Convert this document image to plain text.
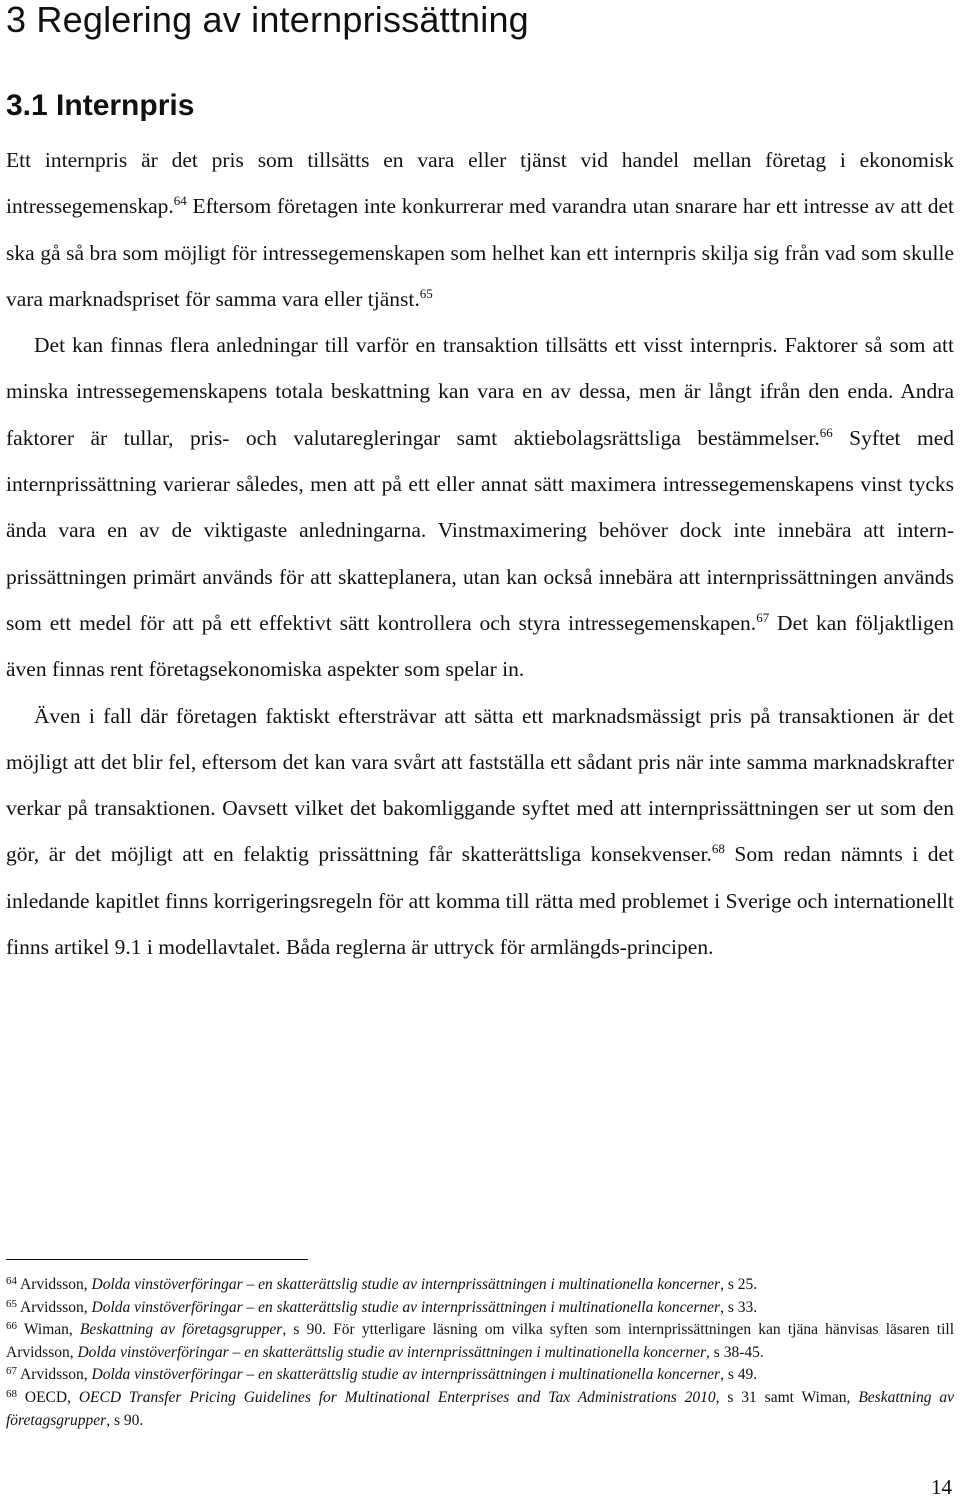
3 Reglering av internprissättning
3.1 Internpris

Ett internpris är det pris som tillsätts en vara eller tjänst vid handel mellan företag i ekonomisk intressegemenskap.$^{64}$ Eftersom företagen inte konkurrerar med varandra utan snarare har ett intresse av att det ska gå så bra som möjligt för intressegemenskapen som helhet kan ett internpris skilja sig från vad som skulle vara marknadspriset för samma vara eller tjänst.$^{65}$

Det kan finnas flera anledningar till varför en transaktion tillsätts ett visst internpris. Faktorer så som att minska intressegemenskapens totala beskattning kan vara en av dessa, men är långt ifrån den enda. Andra faktorer är tullar, pris- och valutaregleringar samt aktiebolagsrättsliga bestämmelser.$^{66}$ Syftet med internprissättning varierar således, men att på ett eller annat sätt maximera intressegemenskapens vinst tycks ända vara en av de viktigaste anledningarna. Vinstmaximering behöver dock inte innebära att intern-prissättningen primärt används för att skatteplanera, utan kan också innebära att internprissättningen används som ett medel för att på ett effektivt sätt kontrollera och styra intressegemenskapen.$^{67}$ Det kan följaktligen även finnas rent företagsekonomiska aspekter som spelar in.

Även i fall där företagen faktiskt eftersträvar att sätta ett marknadsmässigt pris på transaktionen är det möjligt att det blir fel, eftersom det kan vara svårt att fastställa ett sådant pris när inte samma marknadskrafter verkar på transaktionen. Oavsett vilket det bakomliggande syftet med att internprissättningen ser ut som den gör, är det möjligt att en felaktig prissättning får skatterättsliga konsekvenser.$^{68}$ Som redan nämnts i det inledande kapitlet finns korrigeringsregeln för att komma till rätta med problemet i Sverige och internationellt finns artikel 9.1 i modellavtalet. Båda reglerna är uttryck för armlängds-principen.

$^{64}$ Arvidsson, Dolda vinstöverföringar – en skatterättslig studie av internprissättningen i multinationella koncerner, s 25.

$^{65}$ Arvidsson, Dolda vinstöverföringar – en skatterättslig studie av internprissättningen i multinationella koncerner, s 33.

$^{66}$ Wiman, Beskattning av företagsgrupper, s 90. För ytterligare läsning om vilka syften som internprissättningen kan tjäna hänvisas läsaren till Arvidsson, Dolda vinstöverföringar – en skatterättslig studie av internprissättningen i multinationella koncerner, s 38-45.

$^{67}$ Arvidsson, Dolda vinstöverföringar – en skatterättslig studie av internprissättningen i multinationella koncerner, s 49.

$^{68}$ OECD, OECD Transfer Pricing Guidelines for Multinational Enterprises and Tax Administrations 2010, s 31 samt Wiman, Beskattning av företagsgrupper, s 90.

14
